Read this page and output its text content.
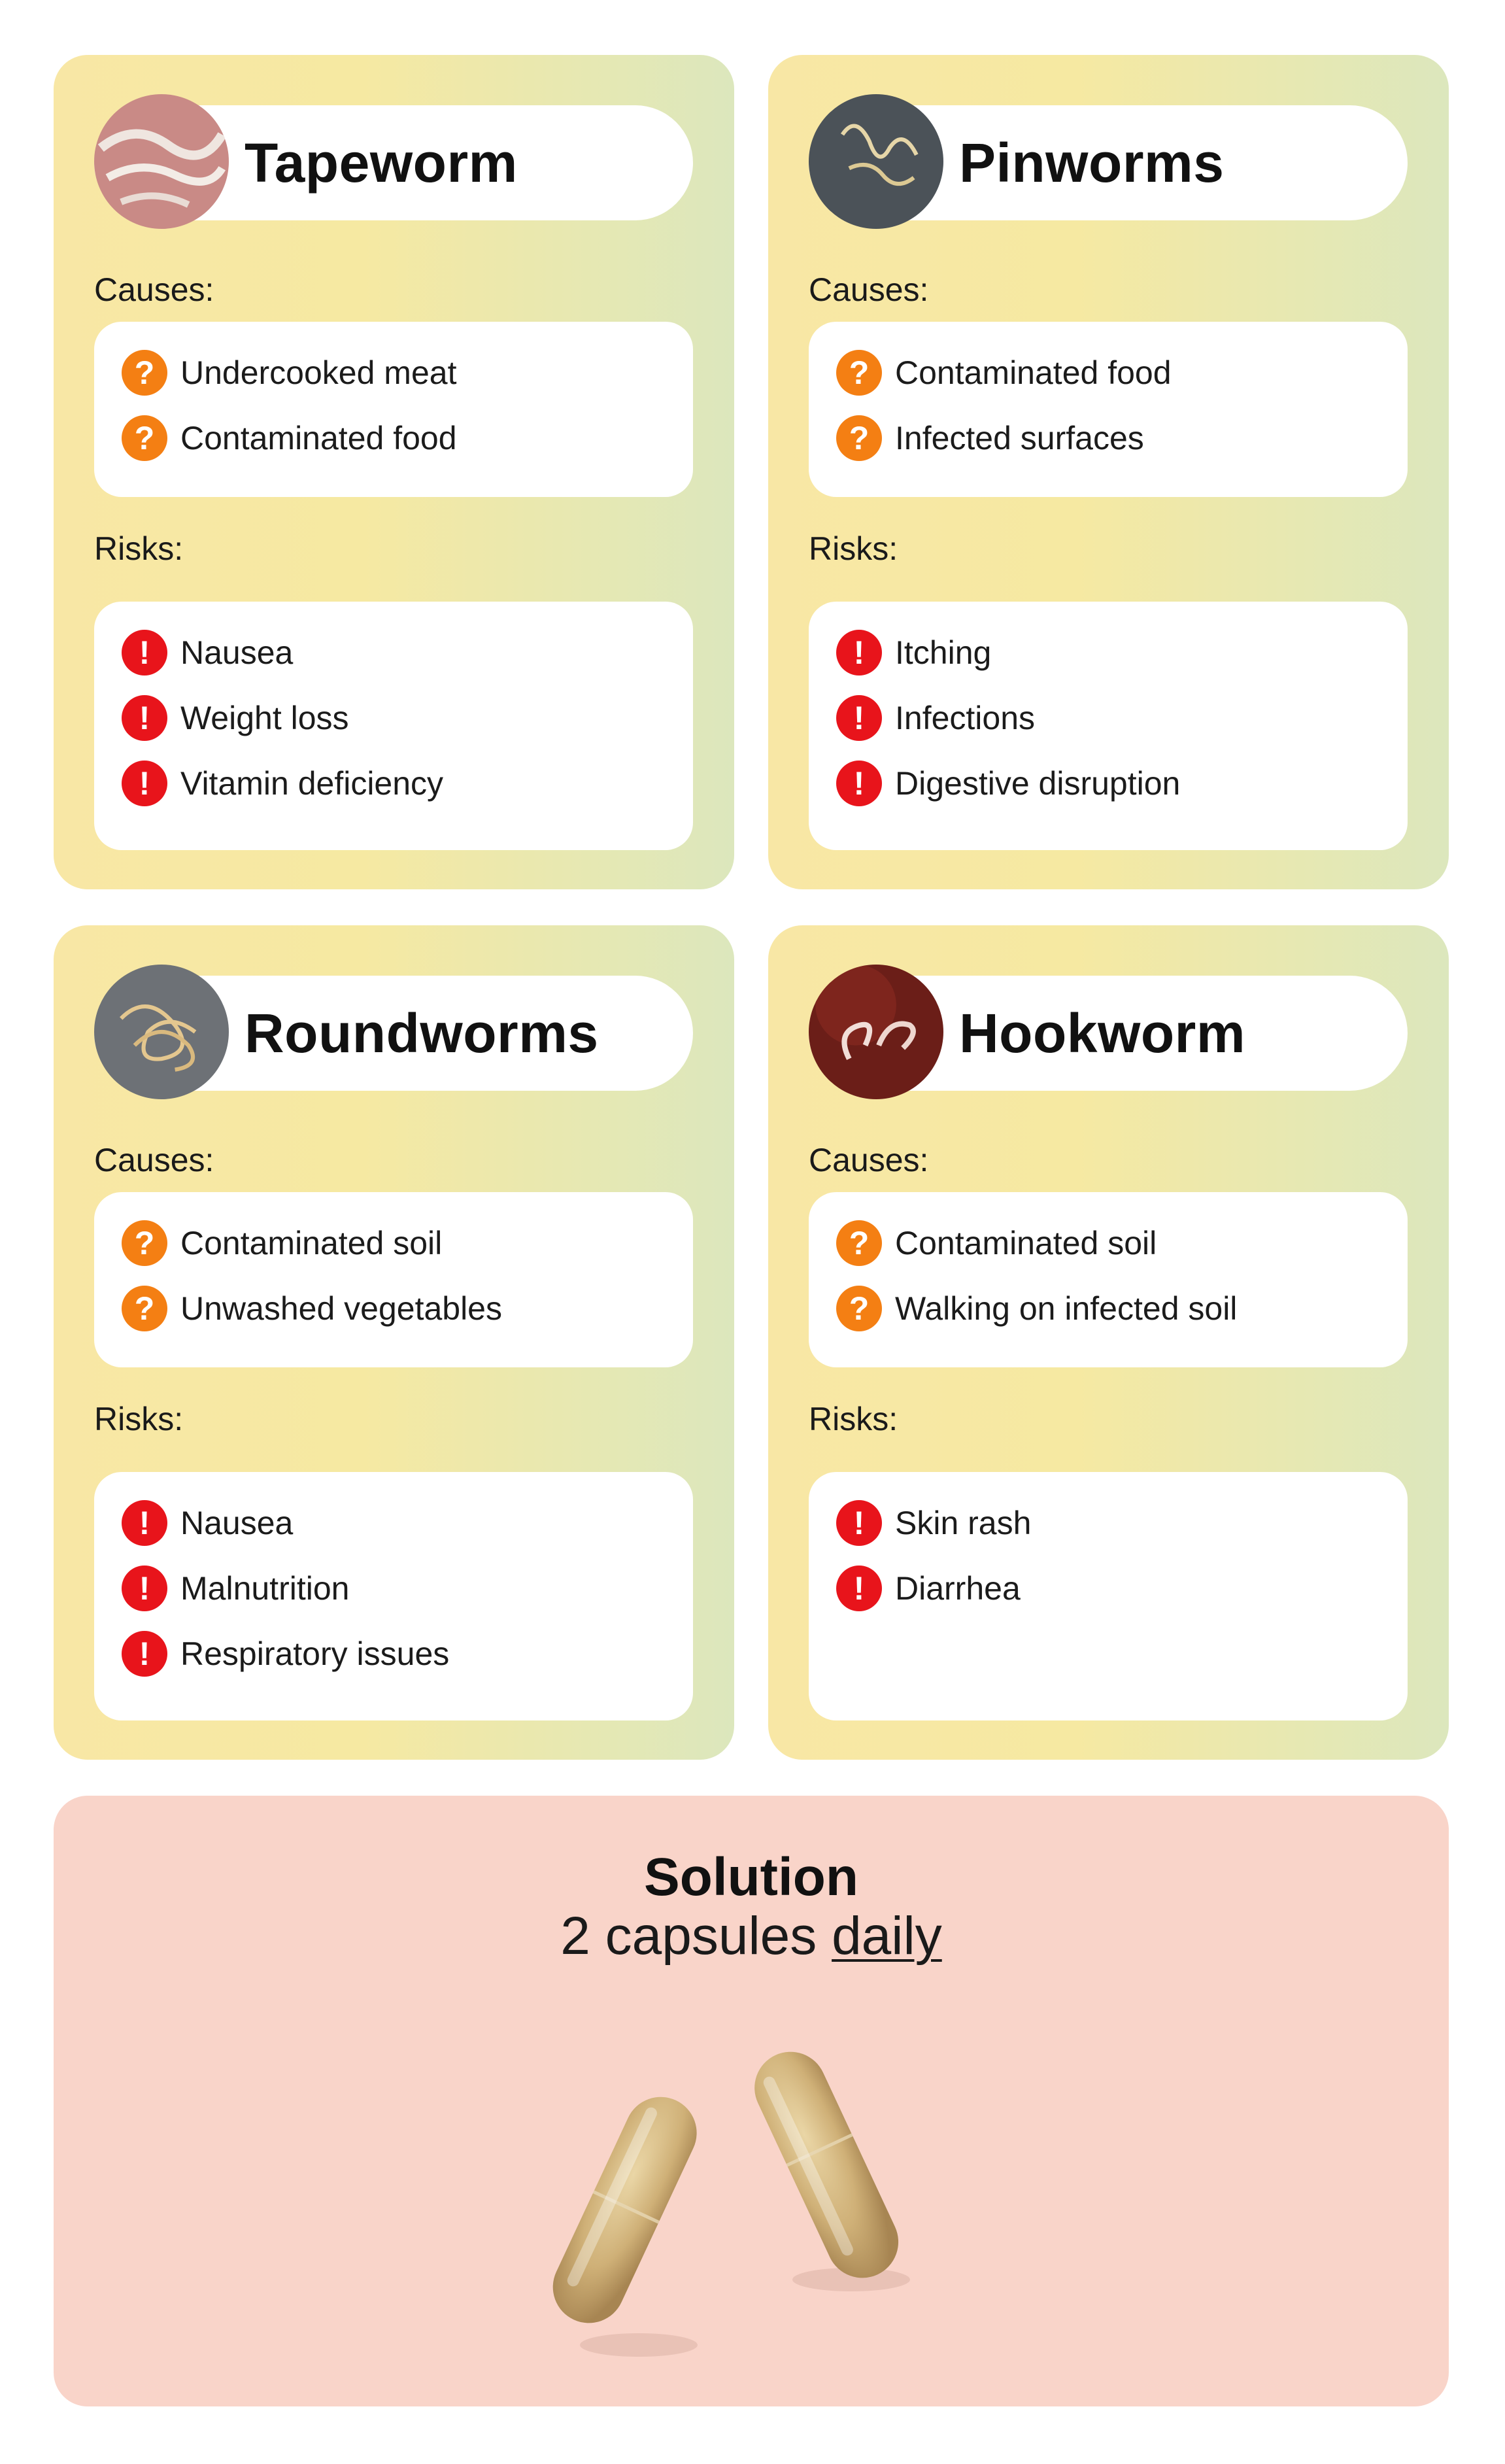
Tapeworm
Causes:
? Undercooked meat
? Contaminated food
Risks:
! Nausea
! Weight loss
! Vitamin deficiency
Pinworms
Causes:
? Contaminated food
? Infected surfaces
Risks:
! Itching
! Infections
! Digestive disruption
Roundworms
Causes:
? Contaminated soil
? Unwashed vegetables
Risks:
! Nausea
! Malnutrition
! Respiratory issues
Hookworm
Causes:
? Contaminated soil
? Walking on infected soil
Risks:
! Skin rash
! Diarrhea
Solution
2 capsules daily
